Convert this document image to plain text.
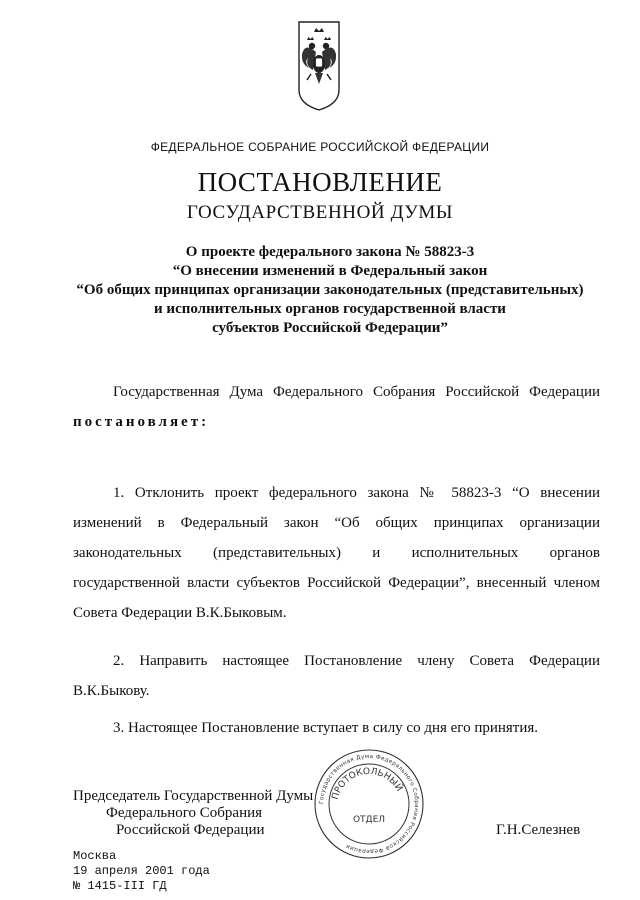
ФЕДЕРАЛЬНОЕ СОБРАНИЕ РОССИЙСКОЙ ФЕДЕРАЦИИ
ПОСТАНОВЛЕНИЕ
ГОСУДАРСТВЕННОЙ ДУМЫ
О проекте федерального закона № 58823-3
“О внесении изменений в Федеральный закон
“Об общих принципах организации законодательных (представительных)
и исполнительных органов государственной власти
субъектов Российской Федерации”
Государственная Дума Федерального Собрания Российской Федерации постановляет:
1. Отклонить проект федерального закона № 58823-3 “О внесении изменений в Федеральный закон “Об общих принципах организации законодательных (представительных) и исполнительных органов государственной власти субъектов Российской Федерации”, внесенный членом Совета Федерации В.К.Быковым.
2. Направить настоящее Постановление члену Совета Федерации В.К.Быкову.
3. Настоящее Постановление вступает в силу со дня его принятия.
Председатель Государственной Думы
Федерального Собрания
Российской Федерации	Г.Н.Селезнев
Государственная Дума Федерального Собрания Российской Федерации
ПРОТОКОЛЬНЫЙ
ОТДЕЛ
Москва
19 апреля 2001 года
№ 1415-III ГД
